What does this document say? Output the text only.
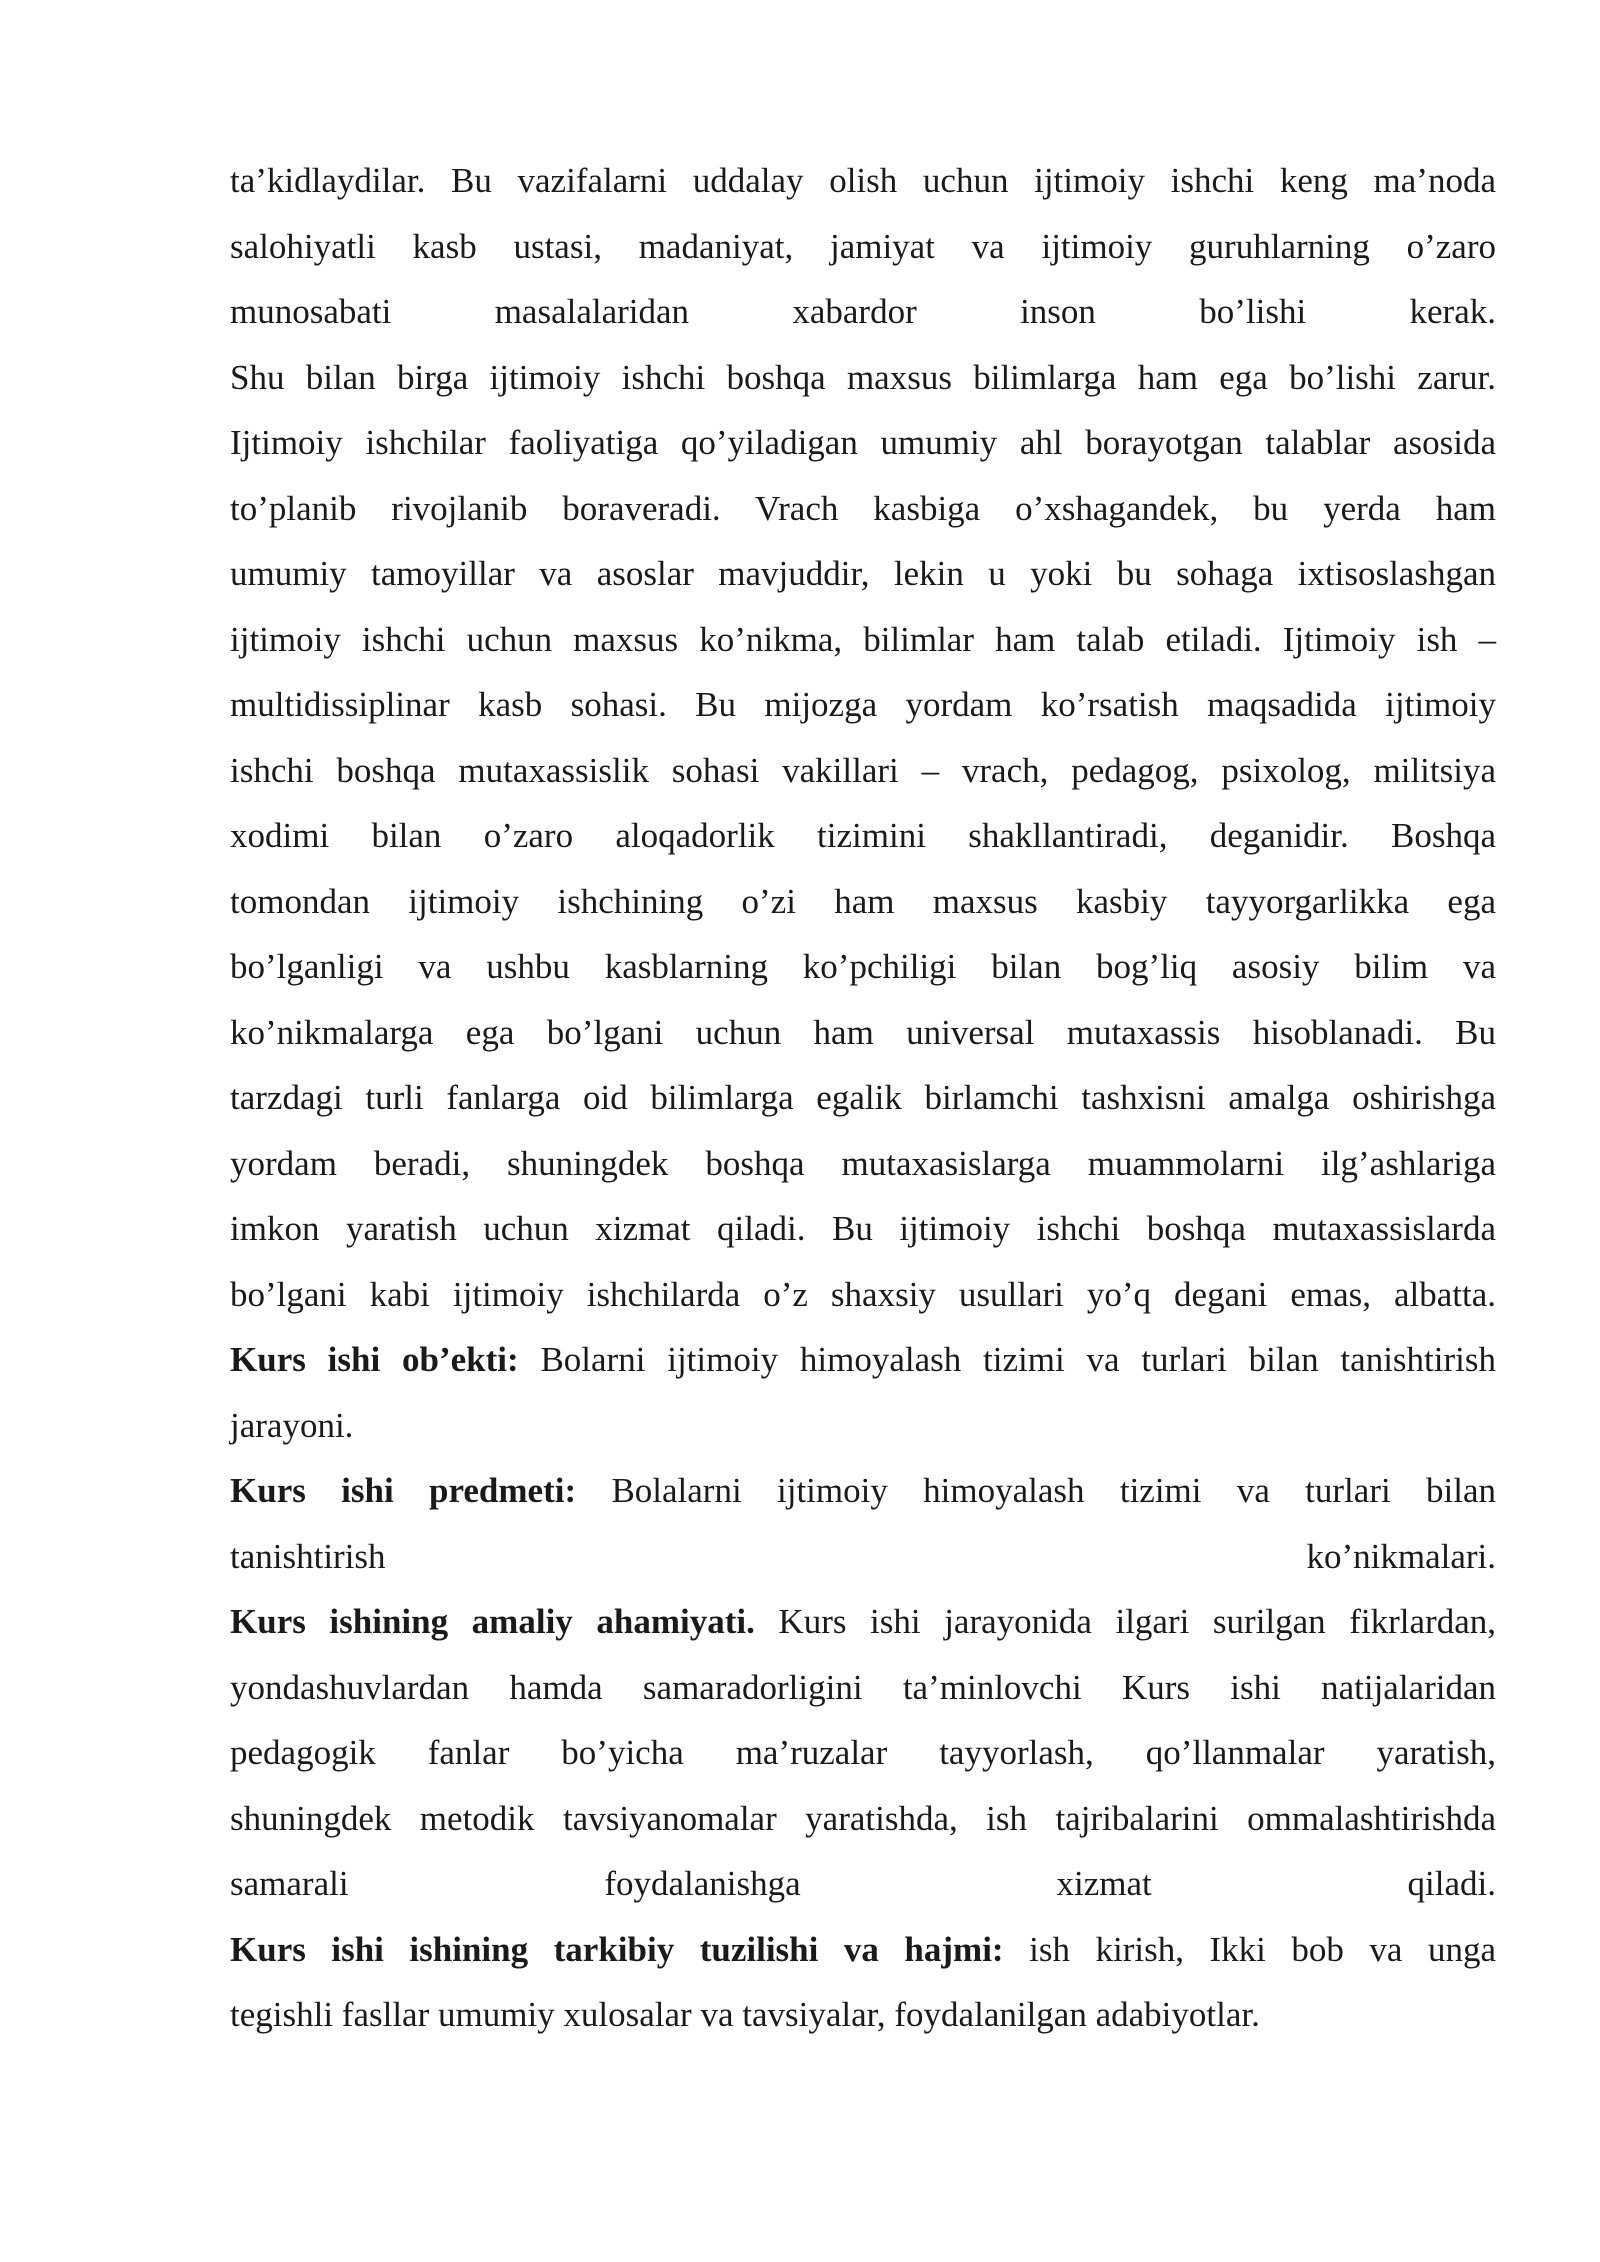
ta’kidlaydilar. Bu vazifalarni uddalay olish uchun ijtimoiy ishchi keng ma’noda
salohiyatli kasb ustasi, madaniyat, jamiyat va ijtimoiy guruhlarning o’zaro
munosabati	masalalaridan	xabardor	inson	bo’lishi	kerak.
Shu bilan birga ijtimoiy ishchi boshqa maxsus bilimlarga ham ega bo’lishi zarur.
Ijtimoiy ishchilar faoliyatiga qo’yiladigan umumiy ahl borayotgan talablar asosida
to’planib rivojlanib boraveradi. Vrach kasbiga o’xshagandek, bu yerda ham
umumiy tamoyillar va asoslar mavjuddir, lekin u yoki bu sohaga ixtisoslashgan
ijtimoiy ishchi uchun maxsus ko’nikma, bilimlar ham talab etiladi. Ijtimoiy ish –
multidissiplinar kasb sohasi. Bu mijozga yordam ko’rsatish maqsadida ijtimoiy
ishchi boshqa mutaxassislik sohasi vakillari – vrach, pedagog, psixolog, militsiya
xodimi bilan o’zaro aloqadorlik tizimini shakllantiradi, deganidir. Boshqa
tomondan ijtimoiy ishchining o’zi ham maxsus kasbiy tayyorgarlikka ega
bo’lganligi va ushbu kasblarning ko’pchiligi bilan bog’liq asosiy bilim va
ko’nikmalarga ega bo’lgani uchun ham universal mutaxassis hisoblanadi. Bu
tarzdagi turli fanlarga oid bilimlarga egalik birlamchi tashxisni amalga oshirishga
yordam beradi, shuningdek boshqa mutaxasislarga muammolarni ilg’ashlariga
imkon yaratish uchun xizmat qiladi. Bu ijtimoiy ishchi boshqa mutaxassislarda
bo’lgani kabi ijtimoiy ishchilarda o’z shaxsiy usullari yo’q degani emas, albatta.
Kurs ishi ob’ekti: Bolarni ijtimoiy himoyalash tizimi va turlari bilan tanishtirish
jarayoni.
Kurs ishi predmeti: Bolalarni ijtimoiy himoyalash tizimi va turlari bilan
tanishtirish	ko’nikmalari.
Kurs ishining amaliy ahamiyati. Kurs ishi jarayonida ilgari surilgan fikrlardan,
yondashuvlardan hamda samaradorligini ta’minlovchi Kurs ishi natijalaridan
pedagogik fanlar bo’yicha ma’ruzalar tayyorlash, qo’llanmalar yaratish,
shuningdek metodik tavsiyanomalar yaratishda, ish tajribalarini ommalashtirishda
samarali	foydalanishga	xizmat	qiladi.
Kurs ishi ishining tarkibiy tuzilishi va hajmi: ish kirish, Ikki bob va unga
tegishli fasllar umumiy xulosalar va tavsiyalar, foydalanilgan adabiyotlar.
